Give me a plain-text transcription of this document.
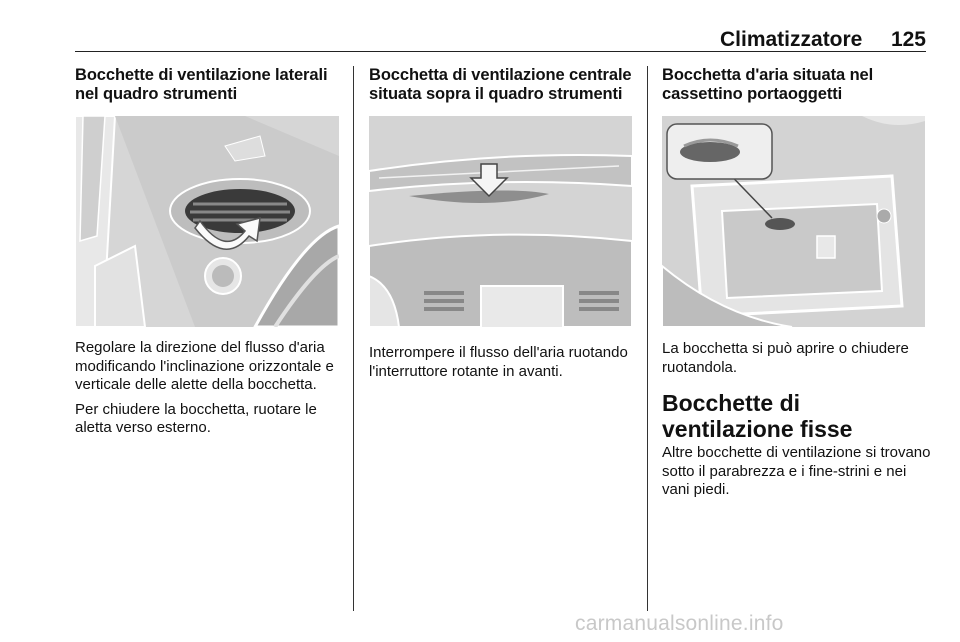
Climatizzatore	125
Bocchette di ventilazione laterali nel quadro strumenti

Regolare la direzione del flusso d'aria modificando l'inclinazione orizzontale e verticale delle alette della bocchetta.

Per chiudere la bocchetta, ruotare le aletta verso esterno.

Bocchetta di ventilazione centrale situata sopra il quadro strumenti

Interrompere il flusso dell'aria ruotando l'interruttore rotante in avanti.

Bocchetta d'aria situata nel cassettino portaoggetti

La bocchetta si può aprire o chiudere ruotandola.

Bocchette di ventilazione fisse

Altre bocchette di ventilazione si trovano sotto il parabrezza e i fine-strini e nei vani piedi.

carmanualsonline.info
